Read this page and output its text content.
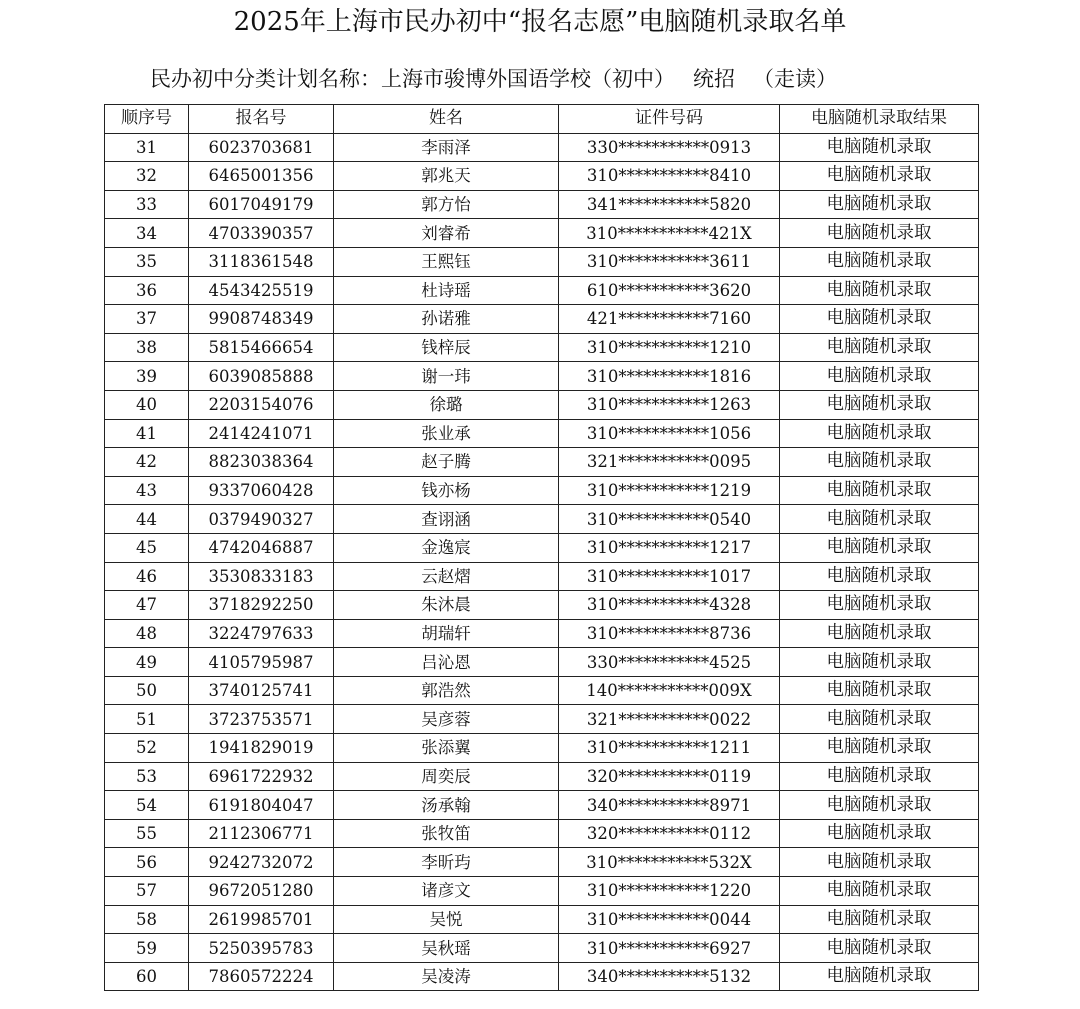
2025年上海市民办初中“报名志愿”电脑随机录取名单
民办初中分类计划名称：上海市骏博外国语学校（初中） 统招 （走读）
顺序号	报名号	姓名	证件号码	电脑随机录取结果
31	6023703681	李雨泽	330***********0913	电脑随机录取
32	6465001356	郭兆天	310***********8410	电脑随机录取
33	6017049179	郭方怡	341***********5820	电脑随机录取
34	4703390357	刘睿希	310***********421X	电脑随机录取
35	3118361548	王熙钰	310***********3611	电脑随机录取
36	4543425519	杜诗瑶	610***********3620	电脑随机录取
37	9908748349	孙诺雅	421***********7160	电脑随机录取
38	5815466654	钱梓辰	310***********1210	电脑随机录取
39	6039085888	谢一玮	310***********1816	电脑随机录取
40	2203154076	徐璐	310***********1263	电脑随机录取
41	2414241071	张业承	310***********1056	电脑随机录取
42	8823038364	赵子腾	321***********0095	电脑随机录取
43	9337060428	钱亦杨	310***********1219	电脑随机录取
44	0379490327	查诩涵	310***********0540	电脑随机录取
45	4742046887	金逸宸	310***********1217	电脑随机录取
46	3530833183	云赵熠	310***********1017	电脑随机录取
47	3718292250	朱沐晨	310***********4328	电脑随机录取
48	3224797633	胡瑞轩	310***********8736	电脑随机录取
49	4105795987	吕沁恩	330***********4525	电脑随机录取
50	3740125741	郭浩然	140***********009X	电脑随机录取
51	3723753571	吴彦蓉	321***********0022	电脑随机录取
52	1941829019	张添翼	310***********1211	电脑随机录取
53	6961722932	周奕辰	320***********0119	电脑随机录取
54	6191804047	汤承翰	340***********8971	电脑随机录取
55	2112306771	张牧笛	320***********0112	电脑随机录取
56	9242732072	李昕玙	310***********532X	电脑随机录取
57	9672051280	诸彦文	310***********1220	电脑随机录取
58	2619985701	吴悦	310***********0044	电脑随机录取
59	5250395783	吴秋瑶	310***********6927	电脑随机录取
60	7860572224	吴凌涛	340***********5132	电脑随机录取
